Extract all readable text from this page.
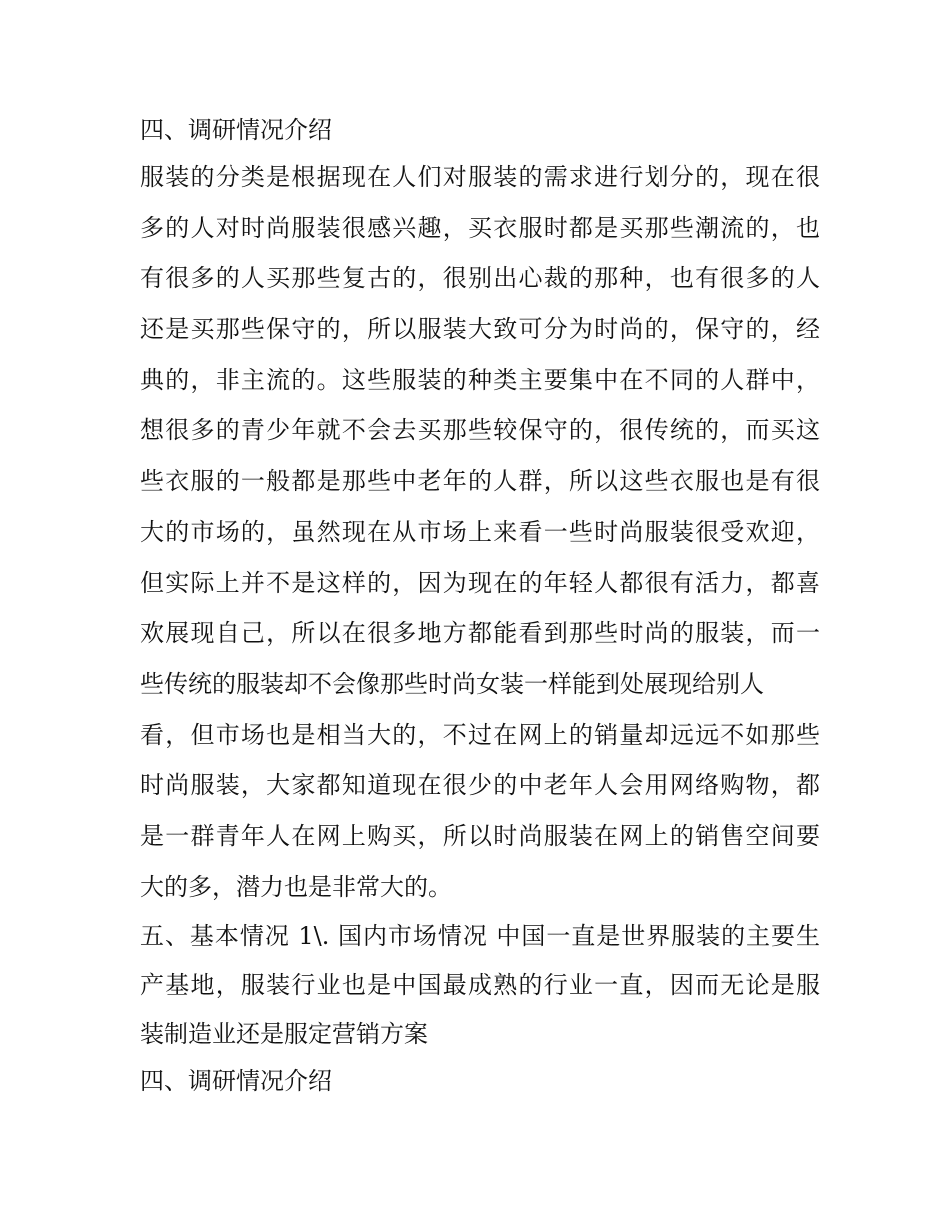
四、调研情况介绍
服装的分类是根据现在人们对服装的需求进行划分的，现在很
多的人对时尚服装很感兴趣，买衣服时都是买那些潮流的，也
有很多的人买那些复古的，很别出心裁的那种，也有很多的人
还是买那些保守的，所以服装大致可分为时尚的，保守的，经
典的，非主流的。这些服装的种类主要集中在不同的人群中，
想很多的青少年就不会去买那些较保守的，很传统的，而买这
些衣服的一般都是那些中老年的人群，所以这些衣服也是有很
大的市场的，虽然现在从市场上来看一些时尚服装很受欢迎，
但实际上并不是这样的，因为现在的年轻人都很有活力，都喜
欢展现自己，所以在很多地方都能看到那些时尚的服装，而一
些传统的服装却不会像那些时尚女装一样能到处展现给别人
看，但市场也是相当大的，不过在网上的销量却远远不如那些
时尚服装，大家都知道现在很少的中老年人会用网络购物，都
是一群青年人在网上购买，所以时尚服装在网上的销售空间要
大的多，潜力也是非常大的。
五、基本情况 1\. 国内市场情况 中国一直是世界服装的主要生
产基地，服装行业也是中国最成熟的行业一直，因而无论是服
装制造业还是服定营销方案
四、调研情况介绍
